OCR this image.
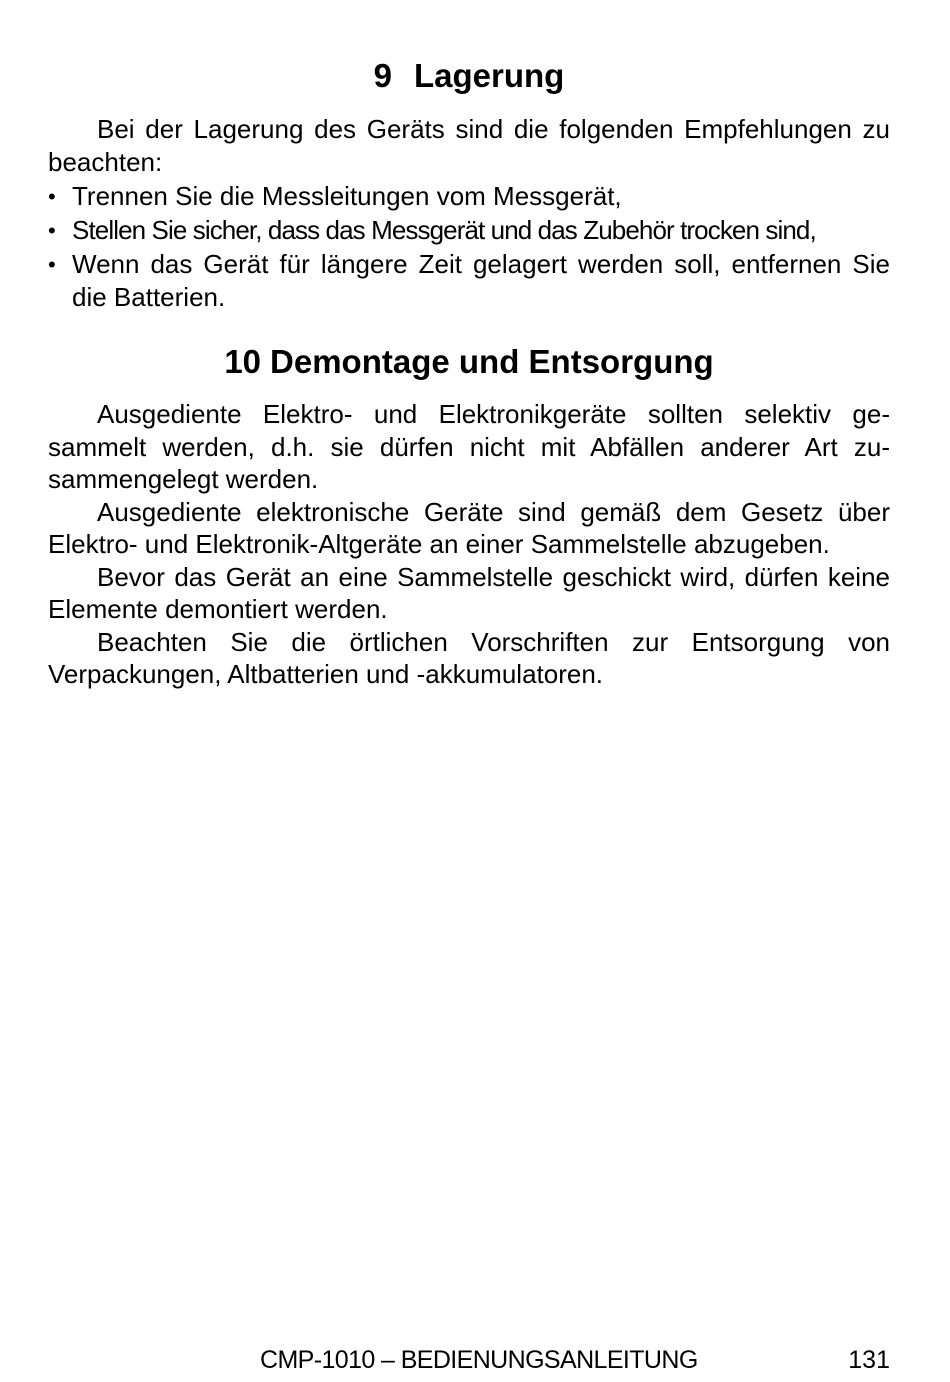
9 Lagerung

Bei der Lagerung des Geräts sind die folgenden Empfehlungen zu beachten:

• Trennen Sie die Messleitungen vom Messgerät,
• Stellen Sie sicher, dass das Messgerät und das Zubehör trocken sind,
• Wenn das Gerät für längere Zeit gelagert werden soll, entfernen Sie die Batterien.
10 Demontage und Entsorgung

Ausgediente Elektro- und Elektronikgeräte sollten selektiv gesammelt werden, d.h. sie dürfen nicht mit Abfällen anderer Art zusammengelegt werden.

Ausgediente elektronische Geräte sind gemäß dem Gesetz über Elektro- und Elektronik-Altgeräte an einer Sammelstelle abzugeben.

Bevor das Gerät an eine Sammelstelle geschickt wird, dürfen keine Elemente demontiert werden.

Beachten Sie die örtlichen Vorschriften zur Entsorgung von Verpackungen, Altbatterien und -akkumulatoren.

CMP-1010 – BEDIENUNGSANLEITUNG	131
